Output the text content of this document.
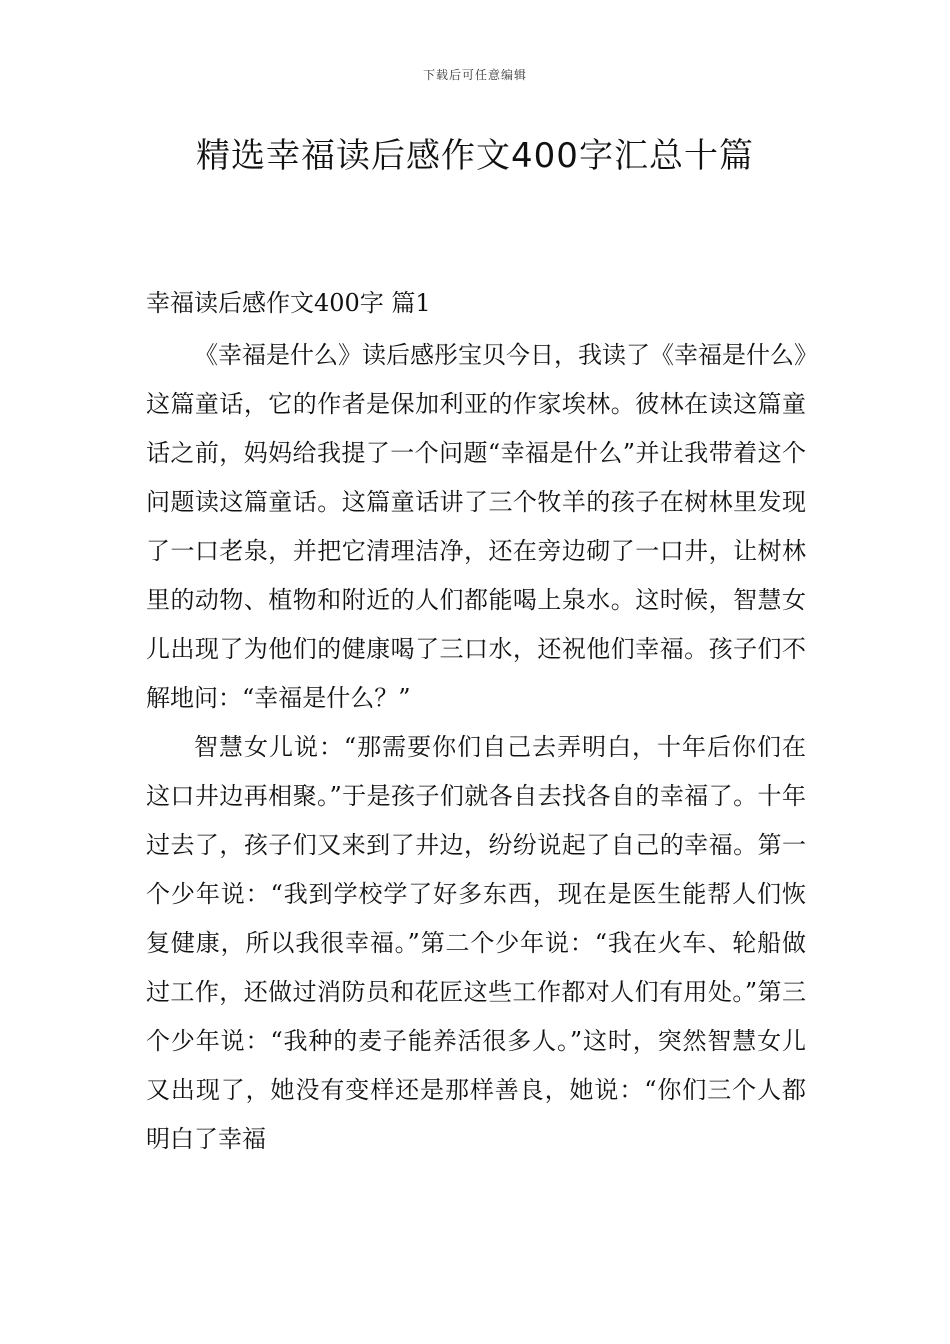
下载后可任意编辑
精选幸福读后感作文400字汇总十篇
幸福读后感作文400字 篇1

《幸福是什么》读后感彤宝贝今日，我读了《幸福是什么》这篇童话，它的作者是保加利亚的作家埃林。彼林在读这篇童话之前，妈妈给我提了一个问题“幸福是什么”并让我带着这个问题读这篇童话。这篇童话讲了三个牧羊的孩子在树林里发现了一口老泉，并把它清理洁净，还在旁边砌了一口井，让树林里的动物、植物和附近的人们都能喝上泉水。这时候，智慧女儿出现了为他们的健康喝了三口水，还祝他们幸福。孩子们不解地问：“幸福是什么？”

智慧女儿说：“那需要你们自己去弄明白，十年后你们在这口井边再相聚。”于是孩子们就各自去找各自的幸福了。十年过去了，孩子们又来到了井边，纷纷说起了自己的幸福。第一个少年说：“我到学校学了好多东西，现在是医生能帮人们恢复健康，所以我很幸福。”第二个少年说：“我在火车、轮船做过工作，还做过消防员和花匠这些工作都对人们有用处。”第三个少年说：“我种的麦子能养活很多人。”这时，突然智慧女儿又出现了，她没有变样还是那样善良，她说：“你们三个人都明白了幸福
